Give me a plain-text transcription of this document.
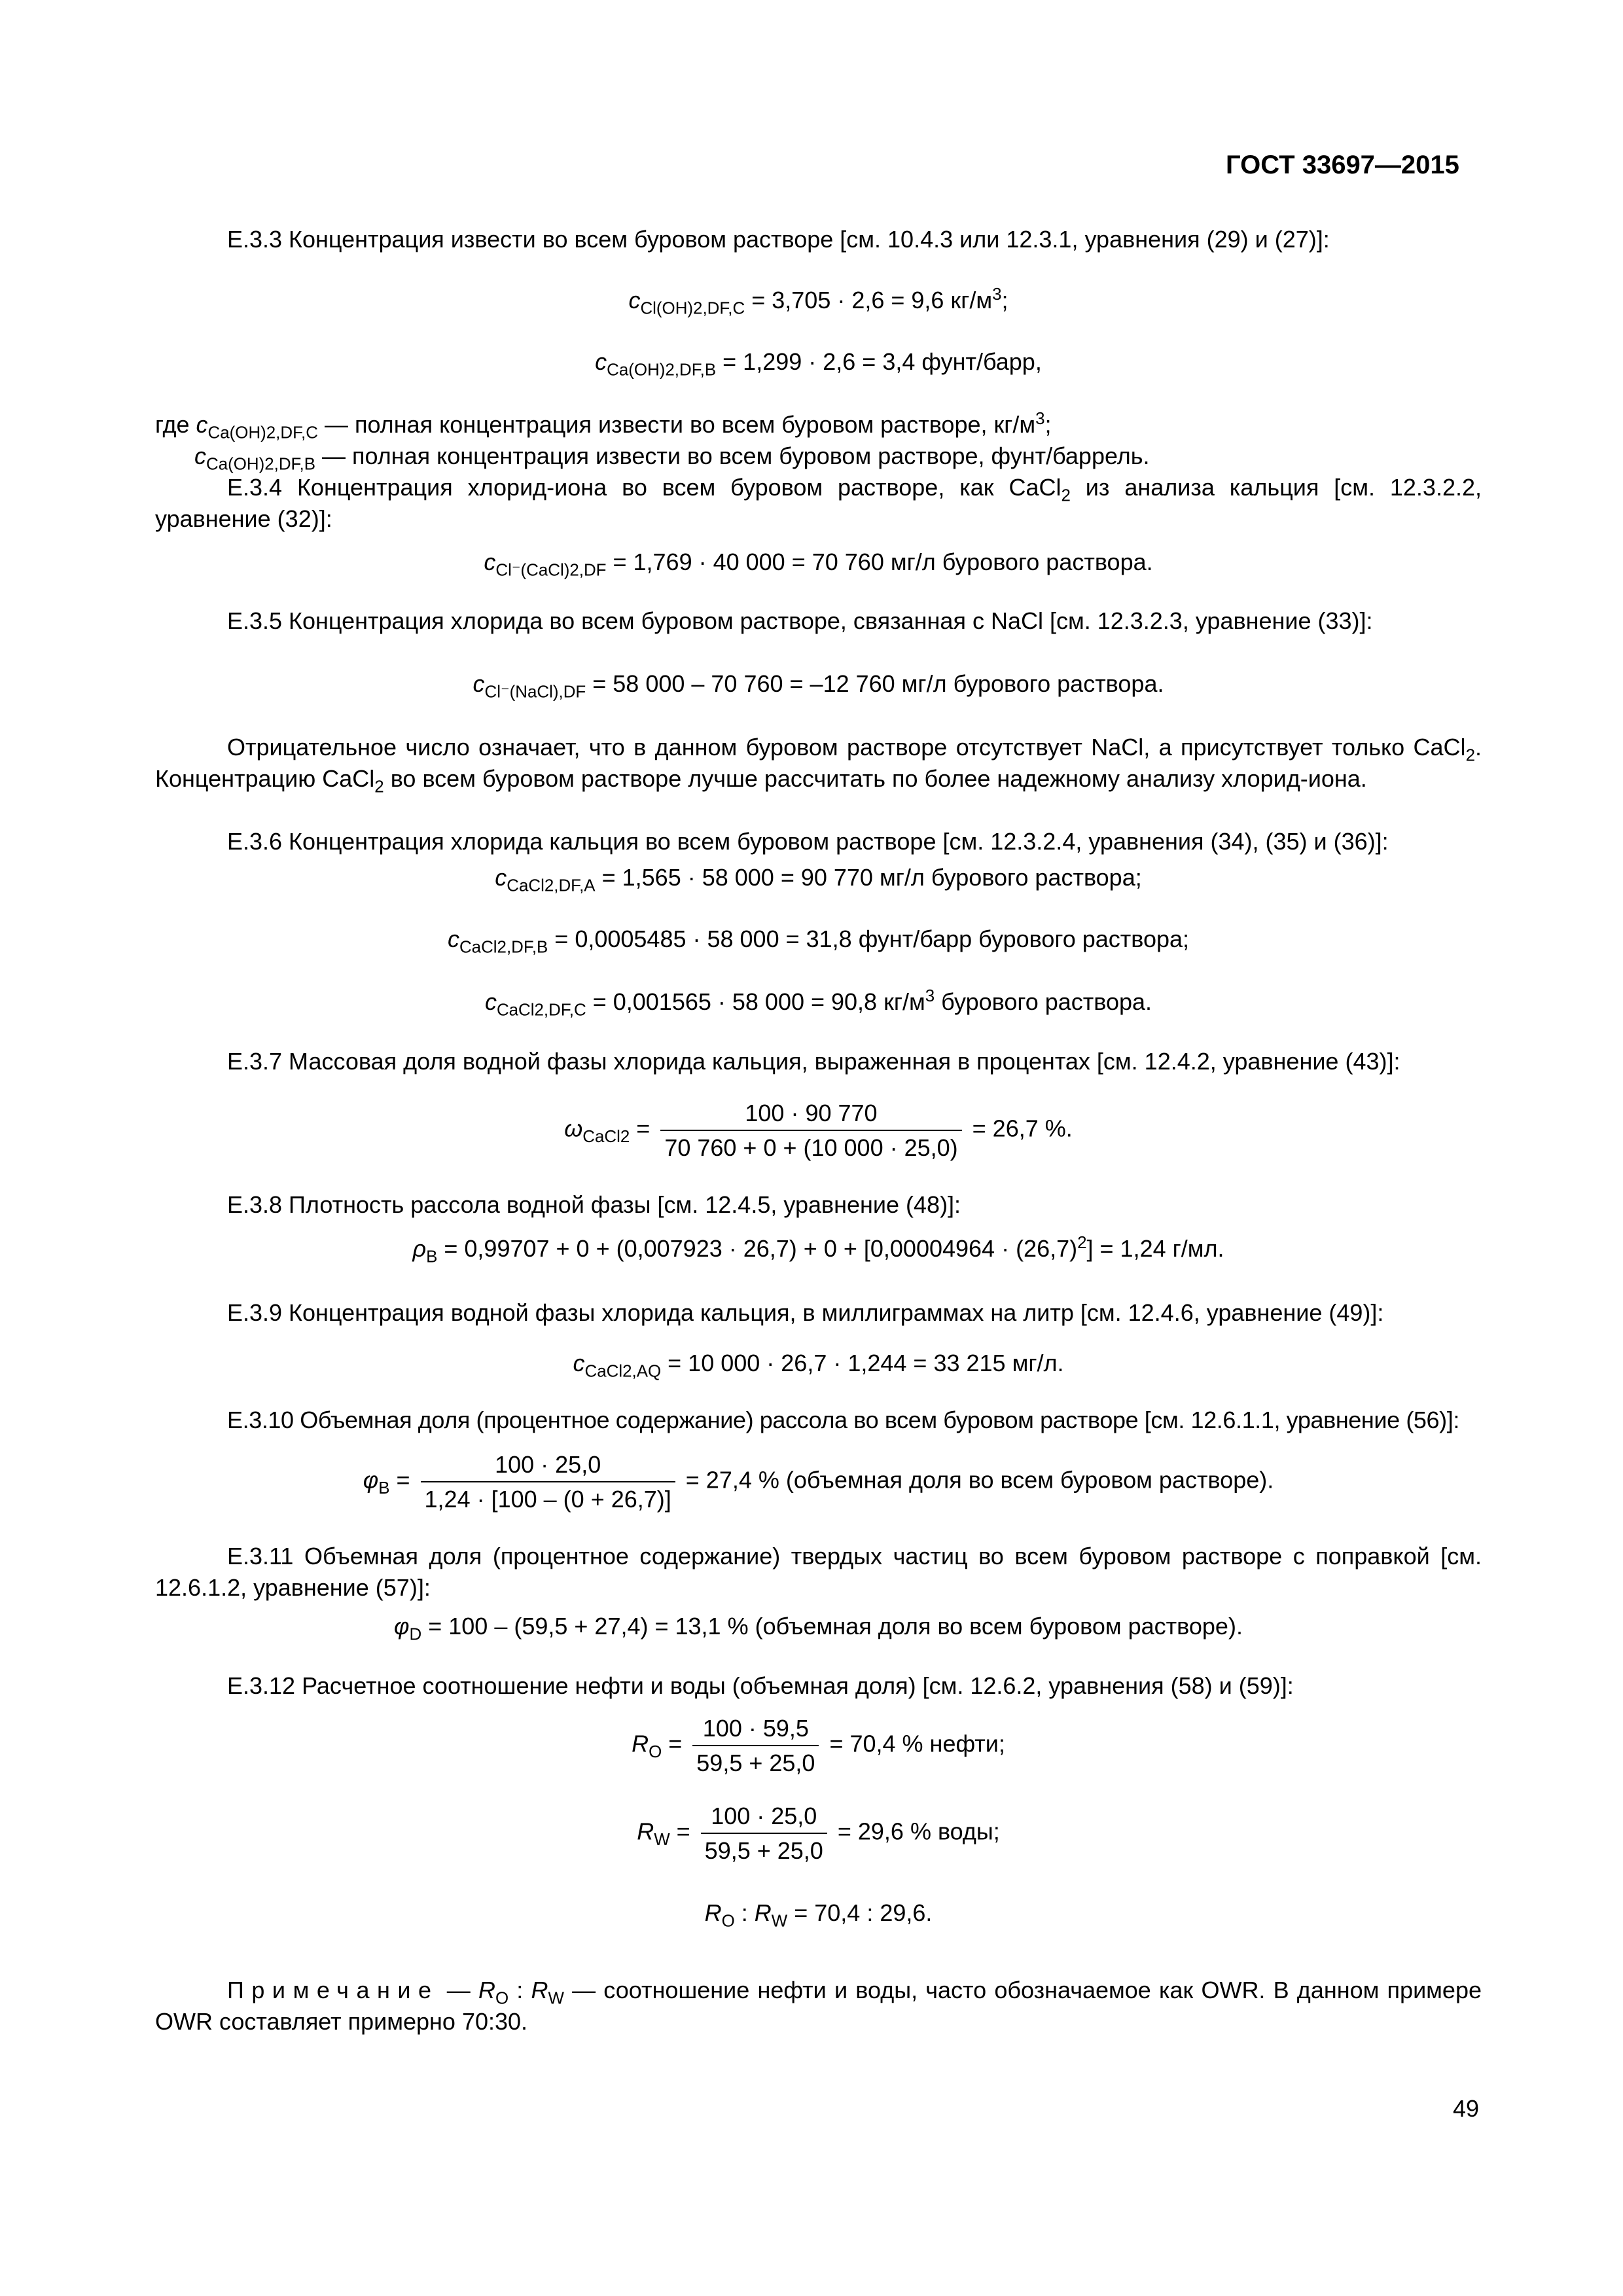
ГОСТ 33697—2015
Е.3.3 Концентрация извести во всем буровом растворе [см. 10.4.3 или 12.3.1, уравнения (29) и (27)]:
$c_{Cl(OH)2,DF,C} = 3,705 \cdot 2,6 = 9,6$ $кг/м^3$;
$c_{Ca(OH)2,DF,B} = 1,299 \cdot 2,6 = 3,4$ фунт/барр,
где $c_{Ca(OH)2,DF,C}$ — полная концентрация извести во всем буровом растворе, $кг/м^3$;
$c_{Ca(OH)2,DF,B}$ — полная концентрация извести во всем буровом растворе, фунт/баррель.
Е.3.4 Концентрация хлорид-иона во всем буровом растворе, как CaCl$_2$ из анализа кальция [см. 12.3.2.2, уравнение (32)]:
$c_{Cl^-(CaCl)2,DF} = 1,769 \cdot 40$ 000 = 70 760 мг/л бурового раствора.
Е.3.5 Концентрация хлорида во всем буровом растворе, связанная с NaCl [см. 12.3.2.3, уравнение (33)]:
$c_{Cl^-(NaCl),DF} = 58$ 000 – 70 760 = –12 760 мг/л бурового раствора.
Отрицательное число означает, что в данном буровом растворе отсутствует NaCl, а присутствует только CaCl$_2$. Концентрацию CaCl$_2$ во всем буровом растворе лучше рассчитать по более надежному анализу хлорид-иона.
Е.3.6 Концентрация хлорида кальция во всем буровом растворе [см. 12.3.2.4, уравнения (34), (35) и (36)]:
$c_{CaCl2,DF,A} = 1,565 \cdot 58$ 000 = 90 770 мг/л бурового раствора;
$c_{CaCl2,DF,B} = 0,0005485 \cdot 58$ 000 = 31,8 фунт/барр бурового раствора;
$c_{CaCl2,DF,C} = 0,001565 \cdot 58$ 000 = 90,8 $кг/м^3$ бурового раствора.
Е.3.7 Массовая доля водной фазы хлорида кальция, выраженная в процентах [см. 12.4.2, уравнение (43)]:
$\omega_{CaCl2} = \frac{100 \cdot 90 770}{70 760 + 0 + (10 000 \cdot 25,0)} = 26,7$ %.
Е.3.8 Плотность рассола водной фазы [см. 12.4.5, уравнение (48)]:
$\rho_B = 0,99707 + 0 + (0,007923 \cdot 26,7) + 0 + [0,00004964 \cdot (26,7)^2] = 1,24$ г/мл.
Е.3.9 Концентрация водной фазы хлорида кальция, в миллиграммах на литр [см. 12.4.6, уравнение (49)]:
$c_{CaCl2,AQ} = 10$ 000 · 26,7 · 1,244 = 33 215 мг/л.
Е.3.10 Объемная доля (процентное содержание) рассола во всем буровом растворе [см. 12.6.1.1, уравнение (56)]:
$\varphi_B = \frac{100 \cdot 25,0}{1,24 \cdot [100 - (0 + 26,7)]} = 27,4$ % (объемная доля во всем буровом растворе).
Е.3.11 Объемная доля (процентное содержание) твердых частиц во всем буровом растворе с поправкой [см. 12.6.1.2, уравнение (57)]:
$\varphi_D = 100 - (59,5 + 27,4) = 13,1$ % (объемная доля во всем буровом растворе).
Е.3.12 Расчетное соотношение нефти и воды (объемная доля) [см. 12.6.2, уравнения (58) и (59)]:
$R_O = \frac{100 \cdot 59,5}{59,5 + 25,0} = 70,4$ % нефти;
$R_W = \frac{100 \cdot 25,0}{59,5 + 25,0} = 29,6$ % воды;
$R_O$ : $R_W = 70,4$ : 29,6.
Примечание — $R_O$ : $R_W$ — соотношение нефти и воды, часто обозначаемое как OWR. В данном примере OWR составляет примерно 70:30.
49
